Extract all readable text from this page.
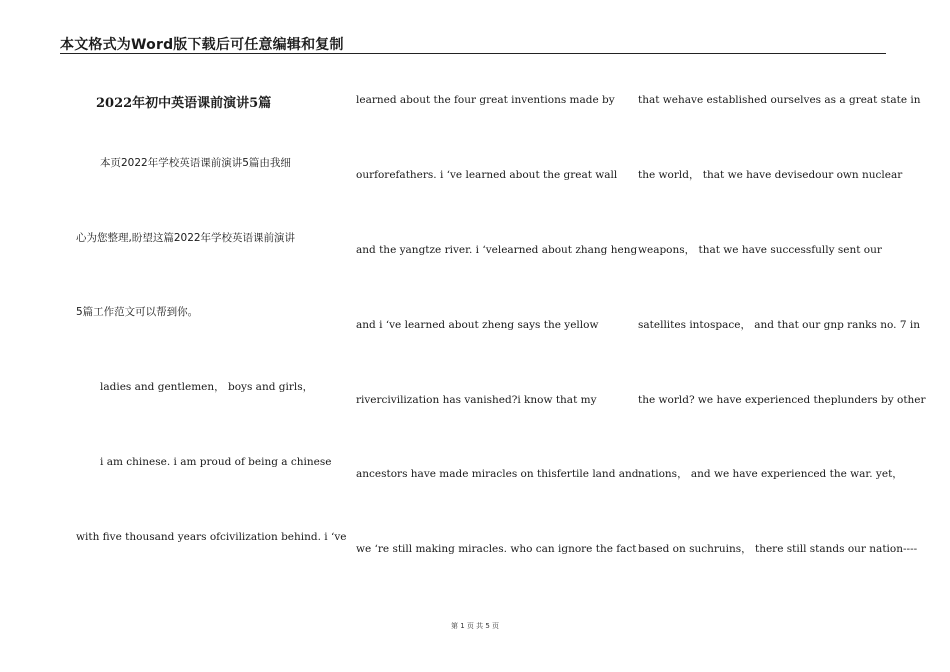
本文格式为Word版下载后可任意编辑和复制
2022年初中英语课前演讲5篇
本页2022年学校英语课前演讲5篇由我细
心为您整理,盼望这篇2022年学校英语课前演讲
5篇工作范文可以帮到你。
ladies and gentlemen， boys and girls，
i am chinese. i am proud of being a chinese
with five thousand years ofcivilization behind. i ‘ve
learned about the four great inventions made by
ourforefathers. i ‘ve learned about the great wall
and the yangtze river. i ‘velearned about zhang heng
and i ‘ve learned about zheng says the yellow
rivercivilization has vanished?i know that my
ancestors have made miracles on thisfertile land and
we ‘re still making miracles. who can ignore the fact
that wehave established ourselves as a great state in
the world， that we have devisedour own nuclear
weapons， that we have successfully sent our
satellites intospace， and that our gnp ranks no. 7 in
the world? we have experienced theplunders by other
nations， and we have experienced the war. yet，
based on suchruins， there still stands our nation----
第 1 页 共 5 页
